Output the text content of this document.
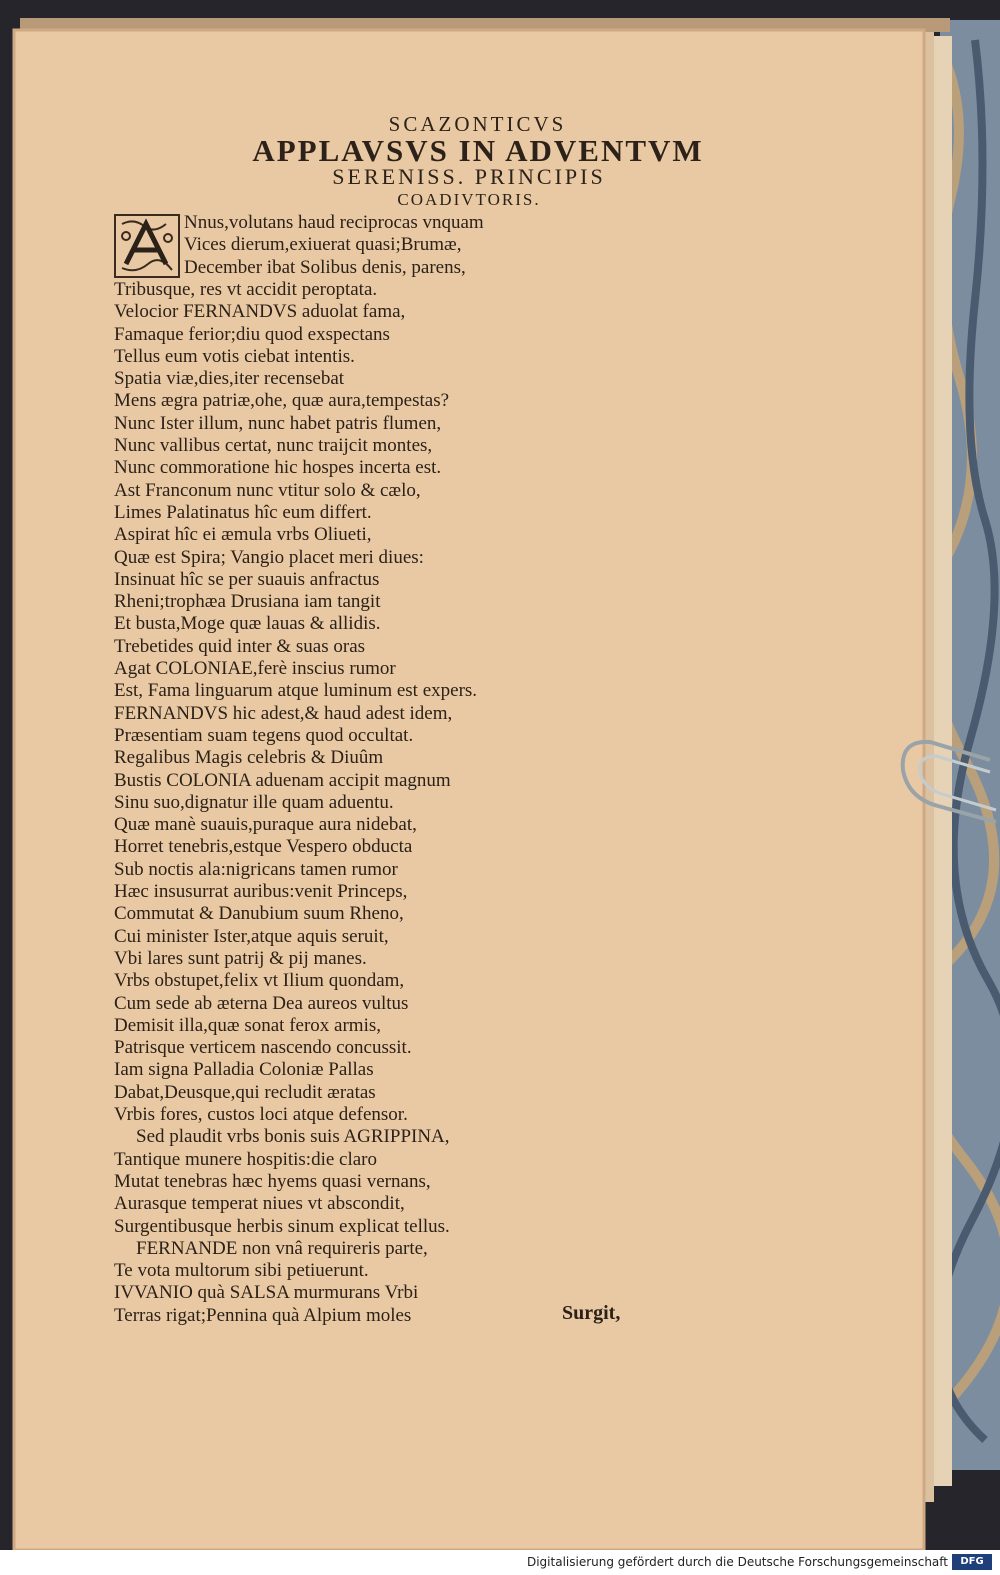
SCAZONTICVS
APPLAVSVS IN ADVENTVM
SERENISS. PRINCIPIS
COADIVTORIS.
Nnus,volutans haud reciprocas vnquam
Vices dierum,exiuerat quasi;Brumæ,
December ibat Solibus denis, parens,
Tribusque, res vt accidit peroptata.
Velocior FERNANDVS aduolat fama,
Famaque ferior;diu quod exspectans
Tellus eum votis ciebat intentis.
Spatia viæ,dies,iter recensebat
Mens ægra patriæ,ohe, quæ aura,tempestas?
Nunc Ister illum, nunc habet patris flumen,
Nunc vallibus certat, nunc traijcit montes,
Nunc commoratione hic hospes incerta est.
Ast Franconum nunc vtitur solo & cælo,
Limes Palatinatus hîc eum differt.
Aspirat hîc ei æmula vrbs Oliueti,
Quæ est Spira; Vangio placet meri diues:
Insinuat hîc se per suauis anfractus
Rheni;trophæa Drusiana iam tangit
Et busta,Moge quæ lauas & allidis.
Trebetides quid inter & suas oras
Agat COLONIAE,ferè inscius rumor
Est, Fama linguarum atque luminum est expers.
FERNANDVS hic adest,& haud adest idem,
Præsentiam suam tegens quod occultat.
Regalibus Magis celebris & Diuûm
Bustis COLONIA aduenam accipit magnum
Sinu suo,dignatur ille quam aduentu.
Quæ manè suauis,puraque aura nidebat,
Horret tenebris,estque Vespero obducta
Sub noctis ala:nigricans tamen rumor
Hæc insusurrat auribus:venit Princeps,
Commutat & Danubium suum Rheno,
Cui minister Ister,atque aquis seruit,
Vbi lares sunt patrij & pij manes.
Vrbs obstupet,felix vt Ilium quondam,
Cum sede ab æterna Dea aureos vultus
Demisit illa,quæ sonat ferox armis,
Patrisque verticem nascendo concussit.
Iam signa Palladia Coloniæ Pallas
Dabat,Deusque,qui recludit æratas
Vrbis fores, custos loci atque defensor.
Sed plaudit vrbs bonis suis AGRIPPINA,
Tantique munere hospitis:die claro
Mutat tenebras hæc hyems quasi vernans,
Aurasque temperat niues vt abscondit,
Surgentibusque herbis sinum explicat tellus.
FERNANDE non vnâ requireris parte,
Te vota multorum sibi petiuerunt.
IVVANIO quà SALSA murmurans Vrbi
Terras rigat;Pennina quà Alpium moles	Surgit,
Digitalisierung gefördert durch die Deutsche Forschungsgemeinschaft	DFG
